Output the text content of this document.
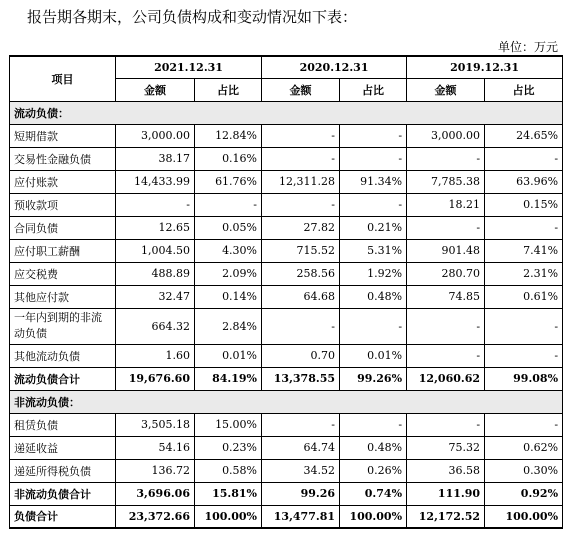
报告期各期末，公司负债构成和变动情况如下表：
单位：万元
项目	2021.12.31		2020.12.31		2019.12.31	
	金额	占比	金额	占比	金额	占比
流动负债：						
短期借款	3,000.00	12.84%	-	-	3,000.00	24.65%
交易性金融负债	38.17	0.16%	-	-	-	-
应付账款	14,433.99	61.76%	12,311.28	91.34%	7,785.38	63.96%
预收款项	-	-	-	-	18.21	0.15%
合同负债	12.65	0.05%	27.82	0.21%	-	-
应付职工薪酬	1,004.50	4.30%	715.52	5.31%	901.48	7.41%
应交税费	488.89	2.09%	258.56	1.92%	280.70	2.31%
其他应付款	32.47	0.14%	64.68	0.48%	74.85	0.61%
一年内到期的非流动负债	664.32	2.84%	-	-	-	-
其他流动负债	1.60	0.01%	0.70	0.01%	-	-
流动负债合计	19,676.60	84.19%	13,378.55	99.26%	12,060.62	99.08%
非流动负债：						
租赁负债	3,505.18	15.00%	-	-	-	-
递延收益	54.16	0.23%	64.74	0.48%	75.32	0.62%
递延所得税负债	136.72	0.58%	34.52	0.26%	36.58	0.30%
非流动负债合计	3,696.06	15.81%	99.26	0.74%	111.90	0.92%
负债合计	23,372.66	100.00%	13,477.81	100.00%	12,172.52	100.00%
